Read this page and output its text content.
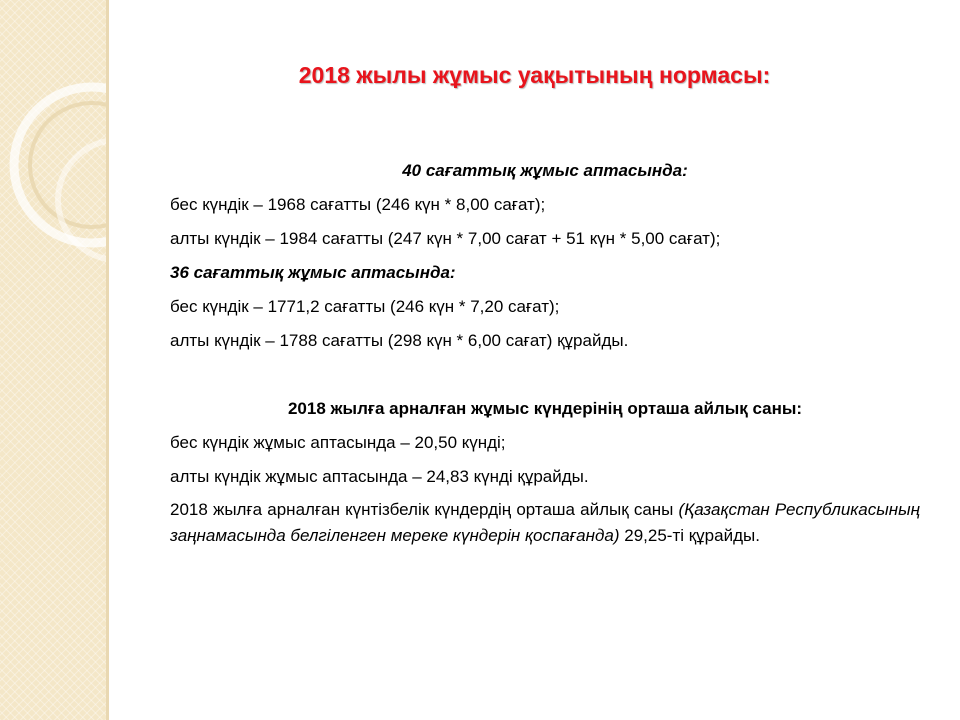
2018 жылы жұмыс уақытының нормасы:
40 сағаттық жұмыс аптасында:
бес күндік – 1968 сағатты (246 күн * 8,00 сағат);
алты күндік – 1984 сағатты (247 күн * 7,00 сағат + 51 күн * 5,00 сағат);
36 сағаттық жұмыс аптасында:
бес күндік – 1771,2 сағатты (246 күн * 7,20 сағат);
алты күндік – 1788 сағатты (298 күн * 6,00 сағат) құрайды.
2018 жылға арналған жұмыс күндерінің орташа айлық саны:
бес күндік жұмыс аптасында – 20,50 күнді;
алты күндік жұмыс аптасында – 24,83 күнді құрайды.
2018 жылға арналған күнтізбелік күндердің орташа айлық саны (Қазақстан Республикасының заңнамасында белгіленген мереке күндерін қоспағанда) 29,25-ті құрайды.
